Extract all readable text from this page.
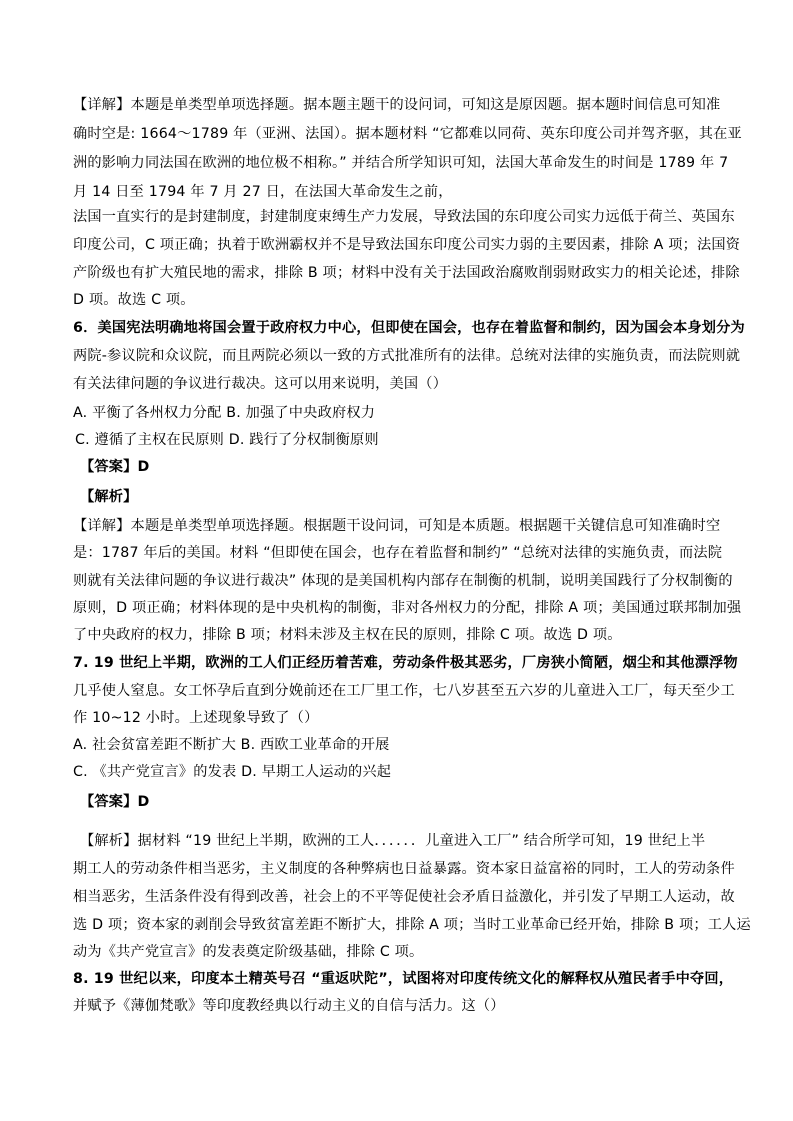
【详解】本题是单类型单项选择题。据本题主题干的设问词，可知这是原因题。据本题时间信息可知准
确时空是: 1664～1789 年（亚洲、法国）。据本题材料 “它都难以同荷、英东印度公司并驾齐驱，其在亚
洲的影响力同法国在欧洲的地位极不相称。” 并结合所学知识可知，法国大革命发生的时间是 1789 年 7
月 14 日至 1794 年 7 月 27 日，在法国大革命发生之前，
法国一直实行的是封建制度，封建制度束缚生产力发展，导致法国的东印度公司实力远低于荷兰、英国东
印度公司，C 项正确；执着于欧洲霸权并不是导致法国东印度公司实力弱的主要因素，排除 A 项；法国资
产阶级也有扩大殖民地的需求，排除 B 项；材料中没有关于法国政治腐败削弱财政实力的相关论述，排除
D 项。故选 C 项。
6．美国宪法明确地将国会置于政府权力中心，但即使在国会，也存在着监督和制约，因为国会本身划分为
两院-参议院和众议院，而且两院必须以一致的方式批准所有的法律。总统对法律的实施负责，而法院则就
有关法律问题的争议进行裁决。这可以用来说明，美国（）
A. 平衡了各州权力分配 B. 加强了中央政府权力
C. 遵循了主权在民原则 D. 践行了分权制衡原则
【答案】D
【解析】
【详解】本题是单类型单项选择题。根据题干设问词，可知是本质题。根据题干关键信息可知准确时空
是：1787 年后的美国。材料 “但即使在国会，也存在着监督和制约” “总统对法律的实施负责，而法院
则就有关法律问题的争议进行裁决” 体现的是美国机构内部存在制衡的机制，说明美国践行了分权制衡的
原则，D 项正确；材料体现的是中央机构的制衡，非对各州权力的分配，排除 A 项；美国通过联邦制加强
了中央政府的权力，排除 B 项；材料未涉及主权在民的原则，排除 C 项。故选 D 项。
7. 19 世纪上半期，欧洲的工人们正经历着苦难，劳动条件极其恶劣，厂房狭小简陋，烟尘和其他漂浮物
几乎使人窒息。女工怀孕后直到分娩前还在工厂里工作，七八岁甚至五六岁的儿童进入工厂，每天至少工
作 10~12 小时。上述现象导致了（）
A. 社会贫富差距不断扩大 B. 西欧工业革命的开展
C. 《共产党宣言》的发表 D. 早期工人运动的兴起
【答案】D
【解析】据材料 “19 世纪上半期，欧洲的工人．．．．．．儿童进入工厂” 结合所学可知，19 世纪上半
期工人的劳动条件相当恶劣，主义制度的各种弊病也日益暴露。资本家日益富裕的同时，工人的劳动条件
相当恶劣，生活条件没有得到改善，社会上的不平等促使社会矛盾日益激化，并引发了早期工人运动，故
选 D 项；资本家的剥削会导致贫富差距不断扩大，排除 A 项；当时工业革命已经开始，排除 B 项；工人运
动为《共产党宣言》的发表奠定阶级基础，排除 C 项。
8. 19 世纪以来，印度本土精英号召 “重返吠陀”，试图将对印度传统文化的解释权从殖民者手中夺回，
并赋予《薄伽梵歌》等印度教经典以行动主义的自信与活力。这（）
